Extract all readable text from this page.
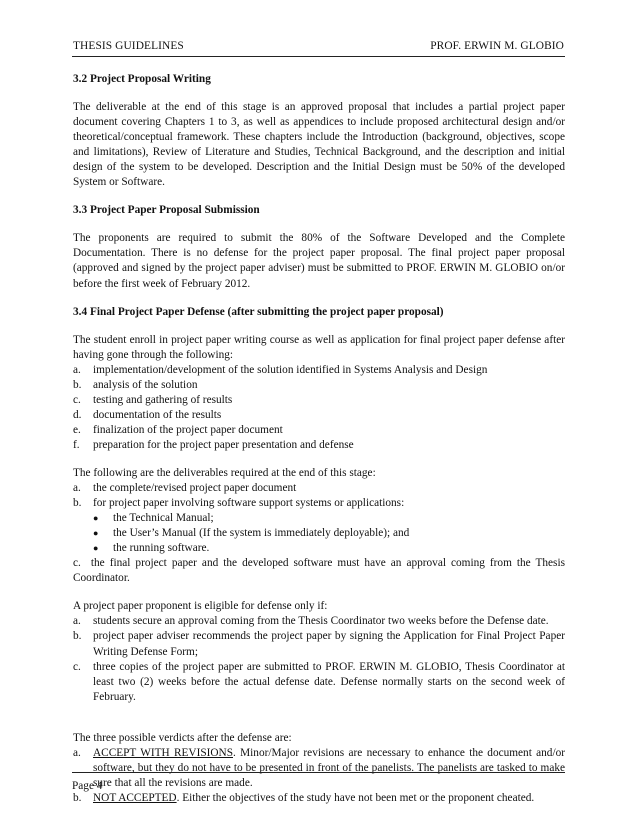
THESIS GUIDELINES	PROF. ERWIN M. GLOBIO
3.2 Project Proposal Writing

The deliverable at the end of this stage is an approved proposal that includes a partial project paper document covering Chapters 1 to 3, as well as appendices to include proposed architectural design and/or theoretical/conceptual framework. These chapters include the Introduction (background, objectives, scope and limitations), Review of Literature and Studies, Technical Background, and the description and initial design of the system to be developed. Description and the Initial Design must be 50% of the developed System or Software.

3.3 Project Paper Proposal Submission

The proponents are required to submit the 80% of the Software Developed and the Complete Documentation. There is no defense for the project paper proposal. The final project paper proposal (approved and signed by the project paper adviser) must be submitted to PROF. ERWIN M. GLOBIO on/or before the first week of February 2012.

3.4 Final Project Paper Defense (after submitting the project paper proposal)

The student enroll in project paper writing course as well as application for final project paper defense after having gone through the following:

a. implementation/development of the solution identified in Systems Analysis and Design
b. analysis of the solution
c. testing and gathering of results
d. documentation of the results
e. finalization of the project paper document
f. preparation for the project paper presentation and defense

The following are the deliverables required at the end of this stage:

a. the complete/revised project paper document
b. for project paper involving software support systems or applications:
● the Technical Manual;
● the User’s Manual (If the system is immediately deployable); and
● the running software.
c. the final project paper and the developed software must have an approval coming from the Thesis Coordinator.

A project paper proponent is eligible for defense only if:

a. students secure an approval coming from the Thesis Coordinator two weeks before the Defense date.
b. project paper adviser recommends the project paper by signing the Application for Final Project Paper Writing Defense Form;
c. three copies of the project paper are submitted to PROF. ERWIN M. GLOBIO, Thesis Coordinator at least two (2) weeks before the actual defense date. Defense normally starts on the second week of February.

The three possible verdicts after the defense are:

a. ACCEPT WITH REVISIONS. Minor/Major revisions are necessary to enhance the document and/or software, but they do not have to be presented in front of the panelists. The panelists are tasked to make sure that all the revisions are made.
b. NOT ACCEPTED. Either the objectives of the study have not been met or the proponent cheated.
Page 4
